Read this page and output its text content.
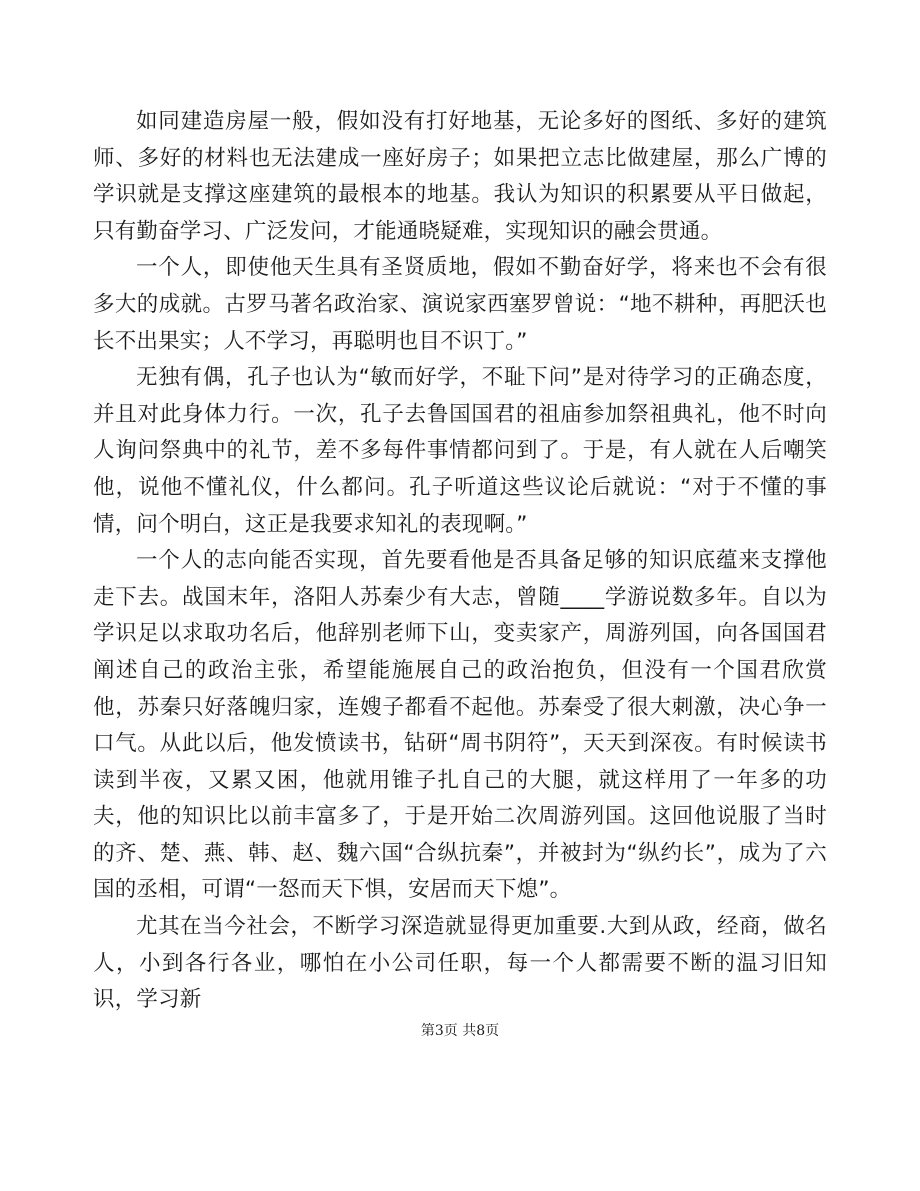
如同建造房屋一般，假如没有打好地基，无论多好的图纸、多好的建筑师、多好的材料也无法建成一座好房子；如果把立志比做建屋，那么广博的学识就是支撑这座建筑的最根本的地基。我认为知识的积累要从平日做起，只有勤奋学习、广泛发问，才能通晓疑难，实现知识的融会贯通。

一个人，即使他天生具有圣贤质地，假如不勤奋好学，将来也不会有很多大的成就。古罗马著名政治家、演说家西塞罗曾说：“地不耕种，再肥沃也长不出果实；人不学习，再聪明也目不识丁。”

无独有偶，孔子也认为“敏而好学，不耻下问”是对待学习的正确态度，并且对此身体力行。一次，孔子去鲁国国君的祖庙参加祭祖典礼，他不时向人询问祭典中的礼节，差不多每件事情都问到了。于是，有人就在人后嘲笑他，说他不懂礼仪，什么都问。孔子听道这些议论后就说：“对于不懂的事情，问个明白，这正是我要求知礼的表现啊。”

一个人的志向能否实现，首先要看他是否具备足够的知识底蕴来支撑他走下去。战国末年，洛阳人苏秦少有大志，曾随____学游说数多年。自以为学识足以求取功名后，他辞别老师下山，变卖家产，周游列国，向各国国君阐述自己的政治主张，希望能施展自己的政治抱负，但没有一个国君欣赏他，苏秦只好落魄归家，连嫂子都看不起他。苏秦受了很大刺激，决心争一口气。从此以后，他发愤读书，钻研“周书阴符”，天天到深夜。有时候读书读到半夜，又累又困，他就用锥子扎自己的大腿，就这样用了一年多的功夫，他的知识比以前丰富多了，于是开始二次周游列国。这回他说服了当时的齐、楚、燕、韩、赵、魏六国“合纵抗秦”，并被封为“纵约长”，成为了六国的丞相，可谓“一怒而天下惧，安居而天下熄”。

尤其在当今社会，不断学习深造就显得更加重要.大到从政，经商，做名人，小到各行各业，哪怕在小公司任职，每一个人都需要不断的温习旧知识，学习新

第3页 共8页
